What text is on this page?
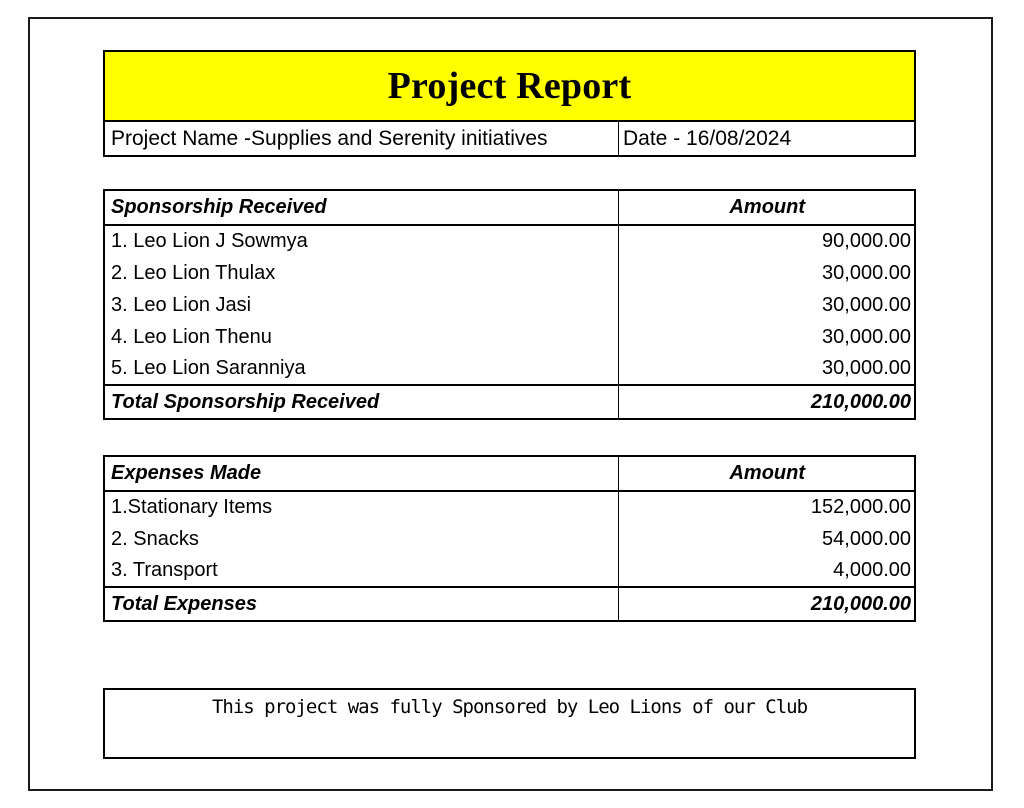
Project Report
Project Name -Supplies and Serenity initiatives	Date - 16/08/2024
Sponsorship Received	Amount
1. Leo Lion J Sowmya	90,000.00
2. Leo Lion Thulax	30,000.00
3. Leo Lion Jasi	30,000.00
4. Leo Lion Thenu	30,000.00
5. Leo Lion Saranniya	30,000.00
Total Sponsorship Received	210,000.00
Expenses Made	Amount
1.Stationary Items	152,000.00
2. Snacks	54,000.00
3. Transport	4,000.00
Total Expenses	210,000.00
This project was fully Sponsored by Leo Lions of our Club
